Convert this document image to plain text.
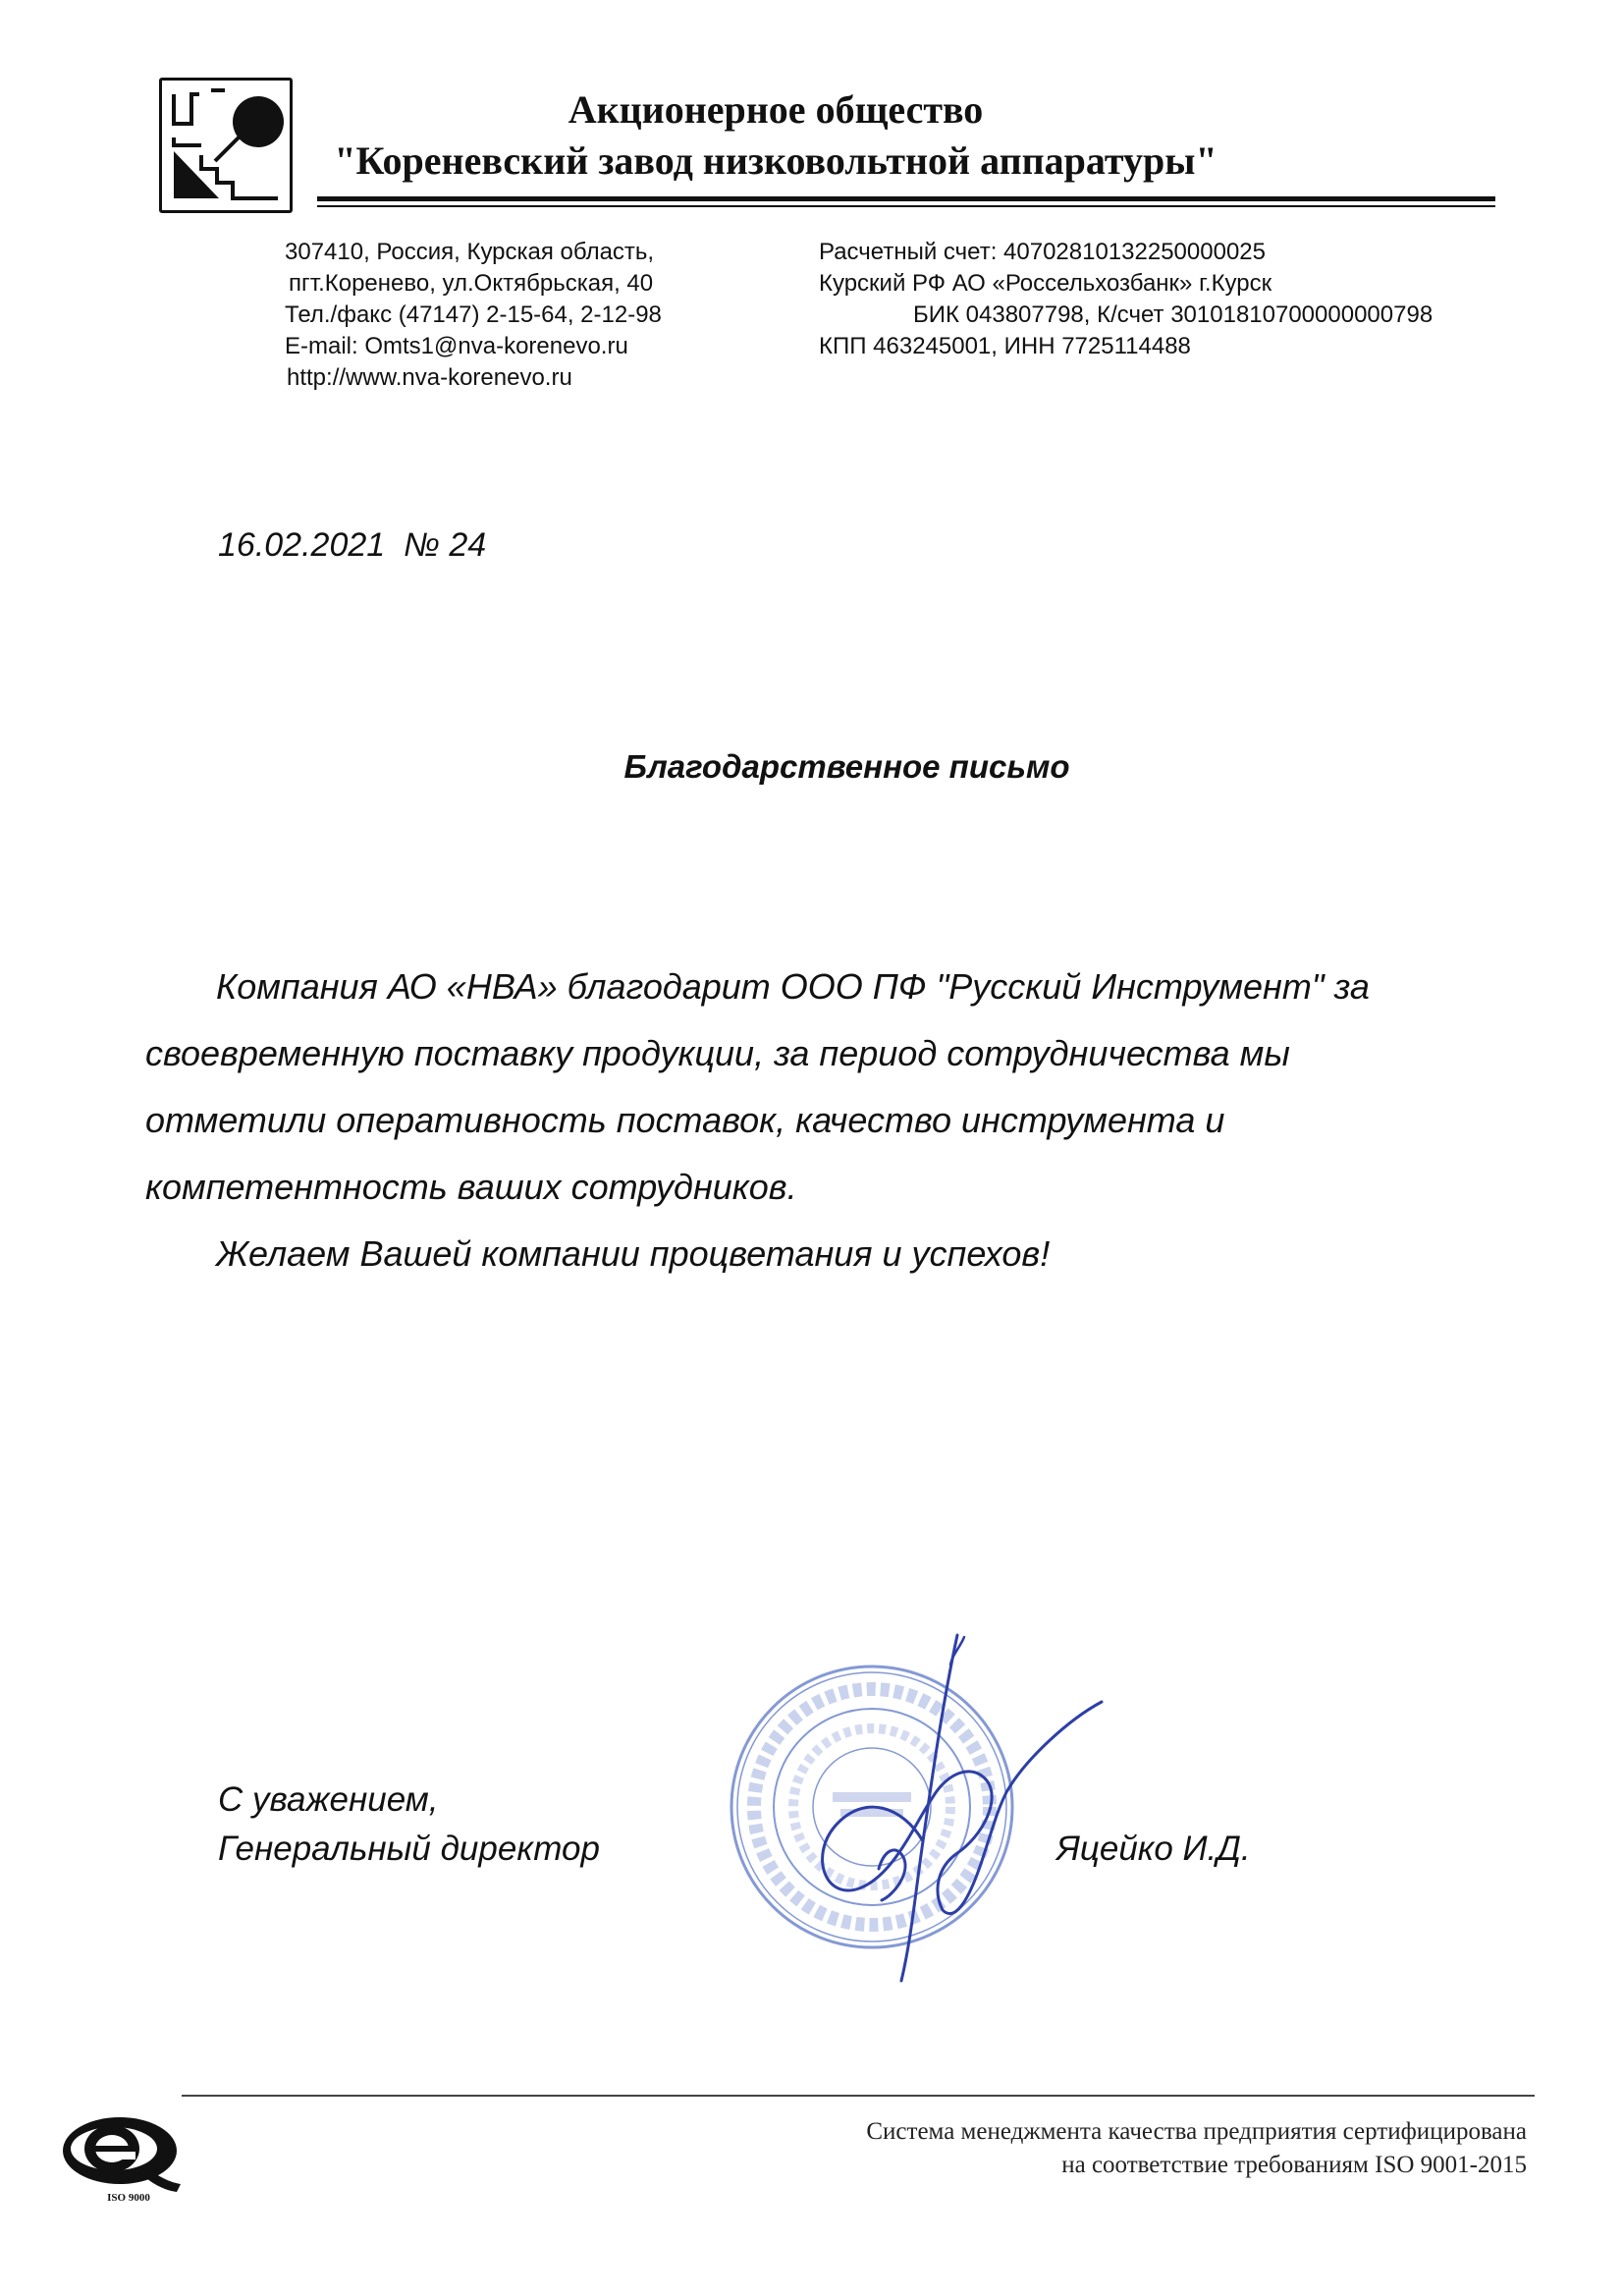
Акционерное общество
"Кореневский завод низковольтной аппаратуры"
307410, Россия, Курская область,
пгт.Коренево, ул.Октябрьская, 40
Тел./факс (47147) 2-15-64, 2-12-98
E-mail: Omts1@nva-korenevo.ru
http://www.nva-korenevo.ru
Расчетный счет: 40702810132250000025
Курский РФ АО «Россельхозбанк» г.Курск
БИК 043807798, К/счет 30101810700000000798
КПП 463245001, ИНН 7725114488
16.02.2021  № 24
Благодарственное письмо
Компания АО «НВА» благодарит ООО ПФ "Русский Инструмент" за
своевременную поставку продукции, за период сотрудничества мы
отметили оперативность поставок, качество инструмента и
компетентность ваших сотрудников.
Желаем Вашей компании процветания и успехов!
С уважением,
Генеральный директор	Яцейко И.Д.
ISO 9000
Система менеджмента качества предприятия сертифицирована
на соответствие требованиям ISO 9001-2015
